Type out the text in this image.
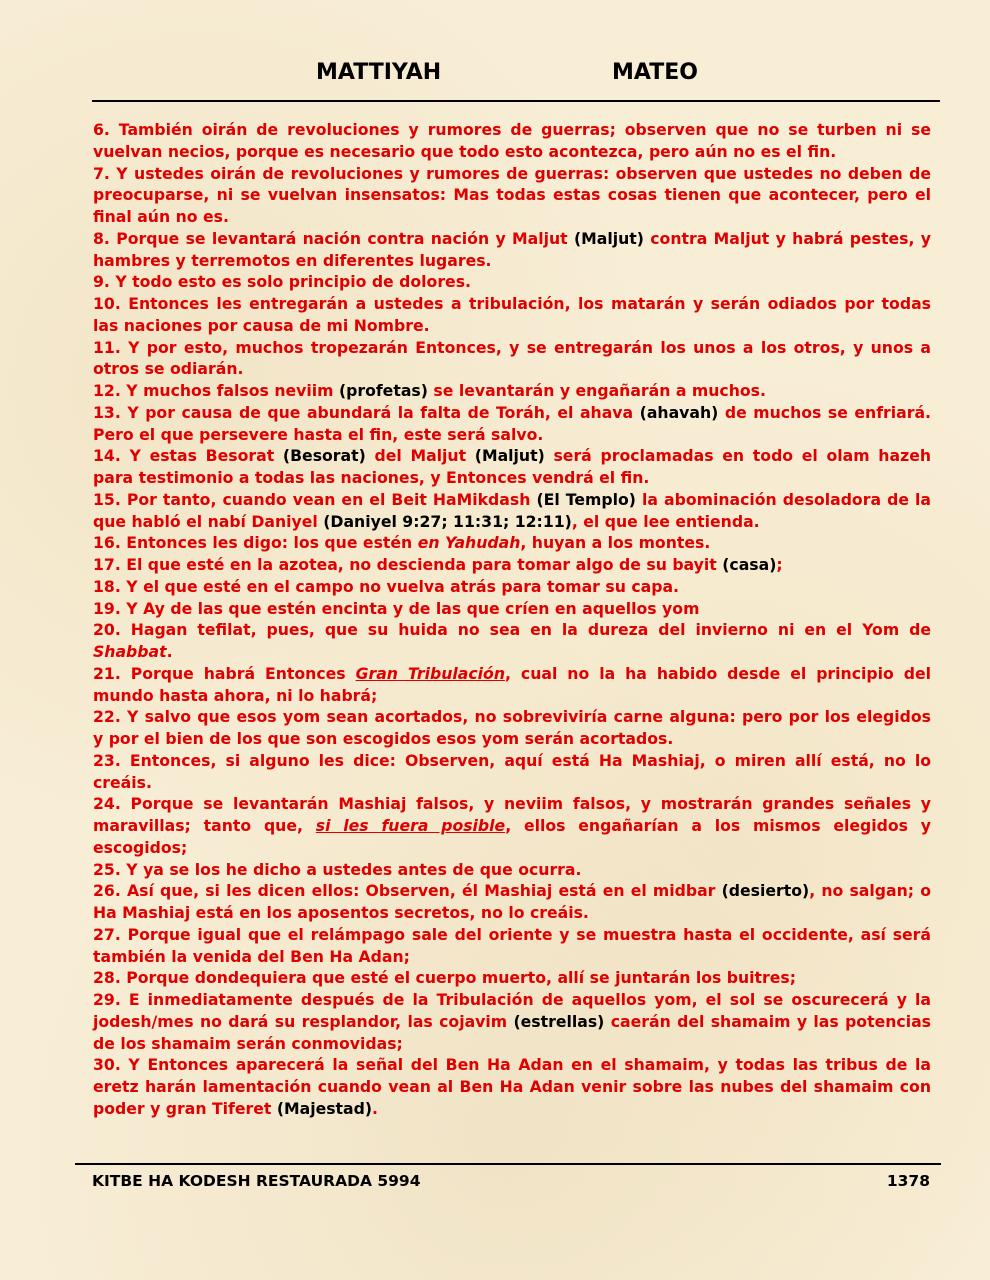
MATTIYAH	MATEO

6. También oirán de revoluciones y rumores de guerras; observen que no se turben ni se vuelvan necios, porque es necesario que todo esto acontezca, pero aún no es el fin.

7. Y ustedes oirán de revoluciones y rumores de guerras: observen que ustedes no deben de preocuparse, ni se vuelvan insensatos: Mas todas estas cosas tienen que acontecer, pero el final aún no es.

8. Porque se levantará nación contra nación y Maljut (Maljut) contra Maljut y habrá pestes, y hambres y terremotos en diferentes lugares.

9. Y todo esto es solo principio de dolores.

10. Entonces les entregarán a ustedes a tribulación, los matarán y serán odiados por todas las naciones por causa de mi Nombre.

11. Y por esto, muchos tropezarán Entonces, y se entregarán los unos a los otros, y unos a otros se odiarán.

12. Y muchos falsos neviim (profetas) se levantarán y engañarán a muchos.

13. Y por causa de que abundará la falta de Toráh, el ahava (ahavah) de muchos se enfriará. Pero el que persevere hasta el fin, este será salvo.

14. Y estas Besorat (Besorat) del Maljut (Maljut) será proclamadas en todo el olam hazeh para testimonio a todas las naciones, y Entonces vendrá el fin.

15. Por tanto, cuando vean en el Beit HaMikdash (El Templo) la abominación desoladora de la que habló el nabí Daniyel (Daniyel 9:27; 11:31; 12:11), el que lee entienda.

16. Entonces les digo: los que estén en Yahudah, huyan a los montes.

17. El que esté en la azotea, no descienda para tomar algo de su bayit (casa);

18. Y el que esté en el campo no vuelva atrás para tomar su capa.

19. Y Ay de las que estén encinta y de las que críen en aquellos yom

20. Hagan tefilat, pues, que su huida no sea en la dureza del invierno ni en el Yom de Shabbat.

21. Porque habrá Entonces Gran Tribulación, cual no la ha habido desde el principio del mundo hasta ahora, ni lo habrá;

22. Y salvo que esos yom sean acortados, no sobreviviría carne alguna: pero por los elegidos y por el bien de los que son escogidos esos yom serán acortados.

23. Entonces, si alguno les dice: Observen, aquí está Ha Mashiaj, o miren allí está, no lo creáis.

24. Porque se levantarán Mashiaj falsos, y neviim falsos, y mostrarán grandes señales y maravillas; tanto que, si les fuera posible, ellos engañarían a los mismos elegidos y escogidos;

25. Y ya se los he dicho a ustedes antes de que ocurra.

26. Así que, si les dicen ellos: Observen, él Mashiaj está en el midbar (desierto), no salgan; o Ha Mashiaj está en los aposentos secretos, no lo creáis.

27. Porque igual que el relámpago sale del oriente y se muestra hasta el occidente, así será también la venida del Ben Ha Adan;

28. Porque dondequiera que esté el cuerpo muerto, allí se juntarán los buitres;

29. E inmediatamente después de la Tribulación de aquellos yom, el sol se oscurecerá y la jodesh/mes no dará su resplandor, las cojavim (estrellas) caerán del shamaim y las potencias de los shamaim serán conmovidas;

30. Y Entonces aparecerá la señal del Ben Ha Adan en el shamaim, y todas las tribus de la eretz harán lamentación cuando vean al Ben Ha Adan venir sobre las nubes del shamaim con poder y gran Tiferet (Majestad).

KITBE HA KODESH RESTAURADA 5994	1378
